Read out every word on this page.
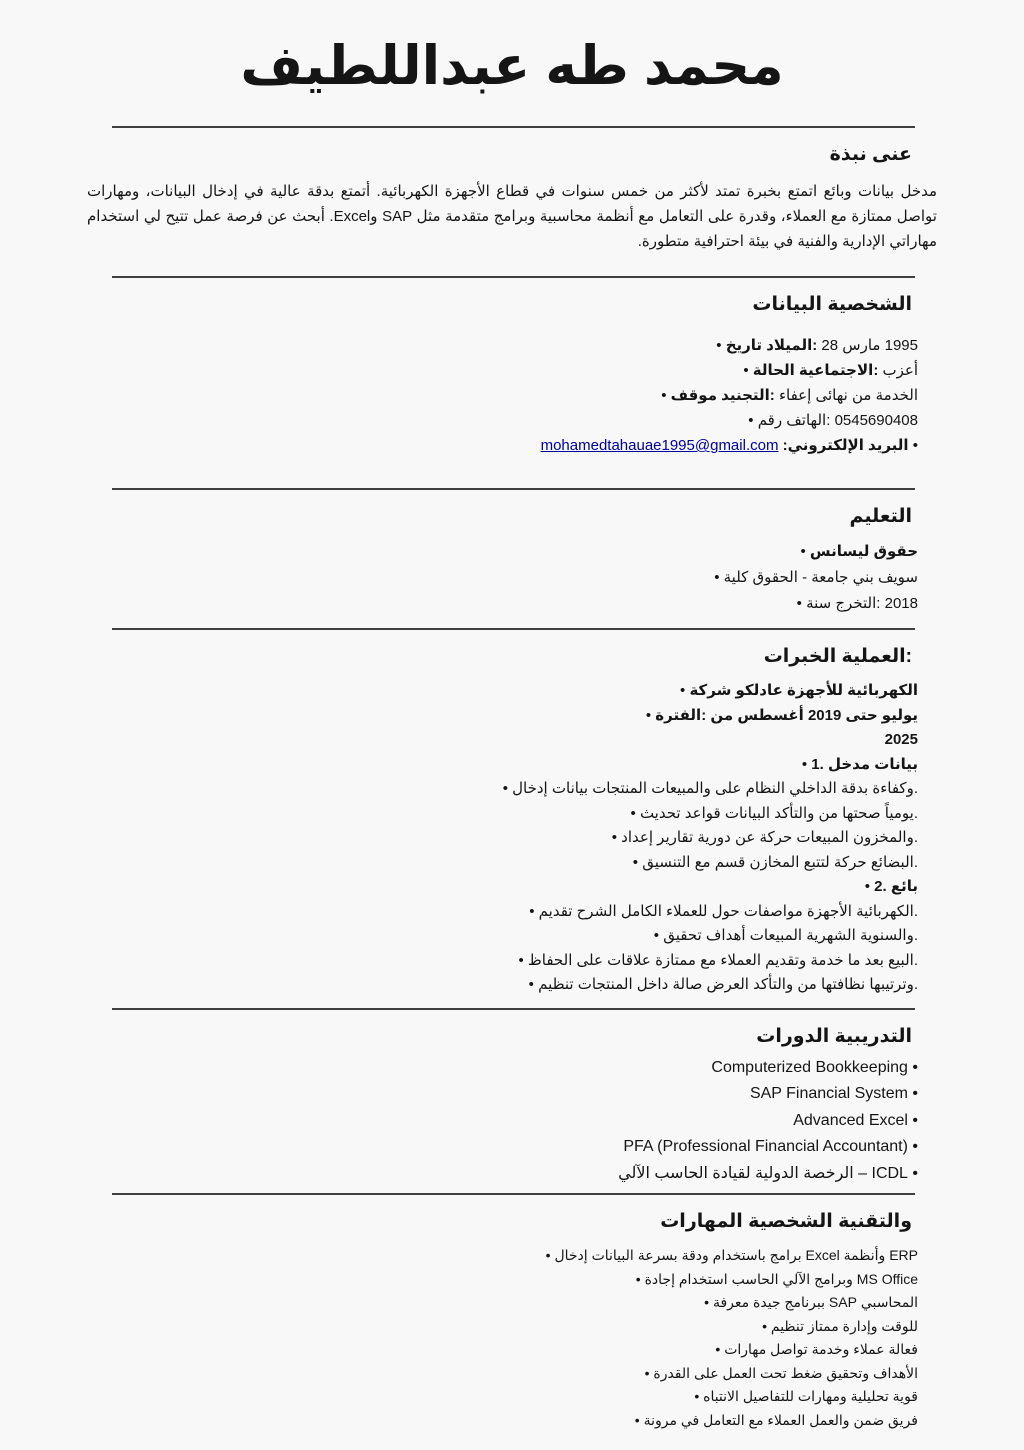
محمد طه عبداللطيف
نبذة عنى

مدخل بيانات وبائع اتمتع بخبرة تمتد لأكثر من خمس سنوات في قطاع الأجهزة الكهربائية. أتمتع بدقة عالية في إدخال البيانات، ومهارات تواصل ممتازة مع العملاء، وقدرة على التعامل مع أنظمة محاسبية وبرامج متقدمة مثل SAP وExcel. أبحث عن فرصة عمل تتيح لي استخدام مهاراتي الإدارية والفنية في بيئة احترافية متطورة.

البيانات الشخصية
• تاريخ الميلاد: 28 مارس 1995
• الحالة الاجتماعية: أعزب
• موقف التجنيد: إعفاء نهائى من الخدمة
• رقم الهاتف: 0545690408
• البريد الإلكتروني: mohamedtahauae1995@gmail.com
التعليم
• ليسانس حقوق
• كلية الحقوق - جامعة بني سويف
• سنة التخرج: 2018
الخبرات العملية:
• شركة عادلكو للأجهزة الكهربائية
• الفترة: من أغسطس 2019 حتى يوليو
2025
• 1. مدخل بيانات
• إدخال بيانات المنتجات والمبيعات على النظام الداخلي بدقة وكفاءة.
• تحديث قواعد البيانات والتأكد من صحتها يومياً.
• إعداد تقارير دورية عن حركة المبيعات والمخزون.
• التنسيق مع قسم المخازن لتتبع حركة البضائع.
• 2. بائع
• تقديم الشرح الكامل للعملاء حول مواصفات الأجهزة الكهربائية.
• تحقيق أهداف المبيعات الشهرية والسنوية.
• الحفاظ على علاقات ممتازة مع العملاء وتقديم خدمة ما بعد البيع.
• تنظيم المنتجات داخل صالة العرض والتأكد من نظافتها وترتيبها.
الدورات التدريبية
• Computerized Bookkeeping
• SAP Financial System
• Advanced Excel
• PFA (Professional Financial Accountant)
• ICDL – الرخصة الدولية لقيادة الحاسب الآلي
المهارات الشخصية والتقنية
• إدخال البيانات بسرعة ودقة باستخدام برامج Excel وأنظمة ERP
• إجادة استخدام الحاسب الآلي وبرامج MS Office
• معرفة جيدة ببرنامج SAP المحاسبي
• تنظيم ممتاز وإدارة للوقت
• مهارات تواصل وخدمة عملاء فعالة
• القدرة على العمل تحت ضغط وتحقيق الأهداف
• الانتباه للتفاصيل ومهارات تحليلية قوية
• مرونة في التعامل مع العملاء والعمل ضمن فريق
